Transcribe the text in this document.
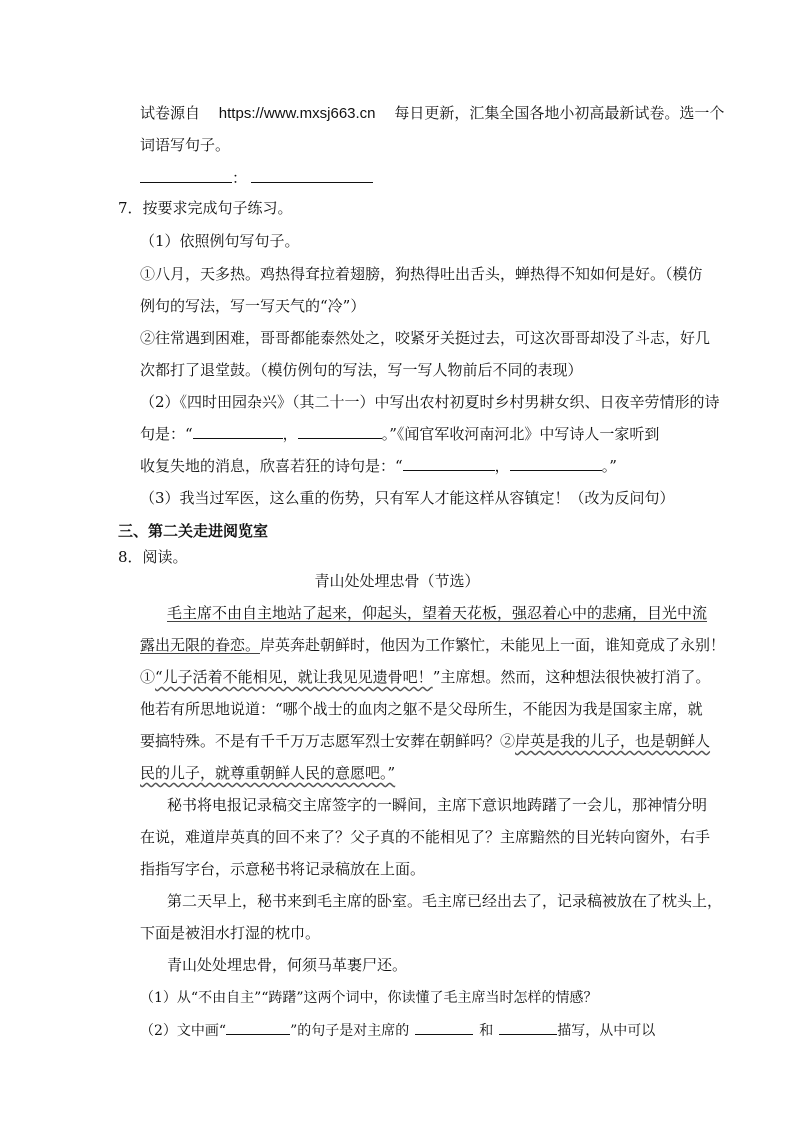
试卷源自 https://www.mxsj663.cn 每日更新，汇集全国各地小初高最新试卷。选一个
词语写句子。
：
7．按要求完成句子练习。
（1）依照例句写句子。
①八月，天多热。鸡热得耷拉着翅膀，狗热得吐出舌头，蝉热得不知如何是好。（模仿
例句的写法，写一写天气的“冷”）
②往常遇到困难，哥哥都能泰然处之，咬紧牙关挺过去，可这次哥哥却没了斗志，好几
次都打了退堂鼓。（模仿例句的写法，写一写人物前后不同的表现）
（2）《四时田园杂兴》（其二十一）中写出农村初夏时乡村男耕女织、日夜辛劳情形的诗
句是：“	，	。”《闻官军收河南河北》中写诗人一家听到
收复失地的消息，欣喜若狂的诗句是：“	，	。”
（3）我当过军医，这么重的伤势，只有军人才能这样从容镇定！（改为反问句）
三、第二关走进阅览室
8．阅读。
青山处处埋忠骨（节选）
毛主席不由自主地站了起来，仰起头，望着天花板，强忍着心中的悲痛，目光中流
露出无限的眷恋。岸英奔赴朝鲜时，他因为工作繁忙，未能见上一面，谁知竟成了永别！
①“儿子活着不能相见，就让我见见遗骨吧！”主席想。然而，这种想法很快被打消了。
他若有所思地说道：“哪个战士的血肉之躯不是父母所生，不能因为我是国家主席，就
要搞特殊。不是有千千万万志愿军烈士安葬在朝鲜吗？②岸英是我的儿子，也是朝鲜人
民的儿子，就尊重朝鲜人民的意愿吧。”
秘书将电报记录稿交主席签字的一瞬间，主席下意识地踌躇了一会儿，那神情分明
在说，难道岸英真的回不来了？父子真的不能相见了？主席黯然的目光转向窗外，右手
指指写字台，示意秘书将记录稿放在上面。
第二天早上，秘书来到毛主席的卧室。毛主席已经出去了，记录稿被放在了枕头上，
下面是被泪水打湿的枕巾。
青山处处埋忠骨，何须马革裹尸还。
（1）从“不由自主”“踌躇”这两个词中，你读懂了毛主席当时怎样的情感？
（2）文中画“	”的句子是对主席的	和	描写，从中可以
